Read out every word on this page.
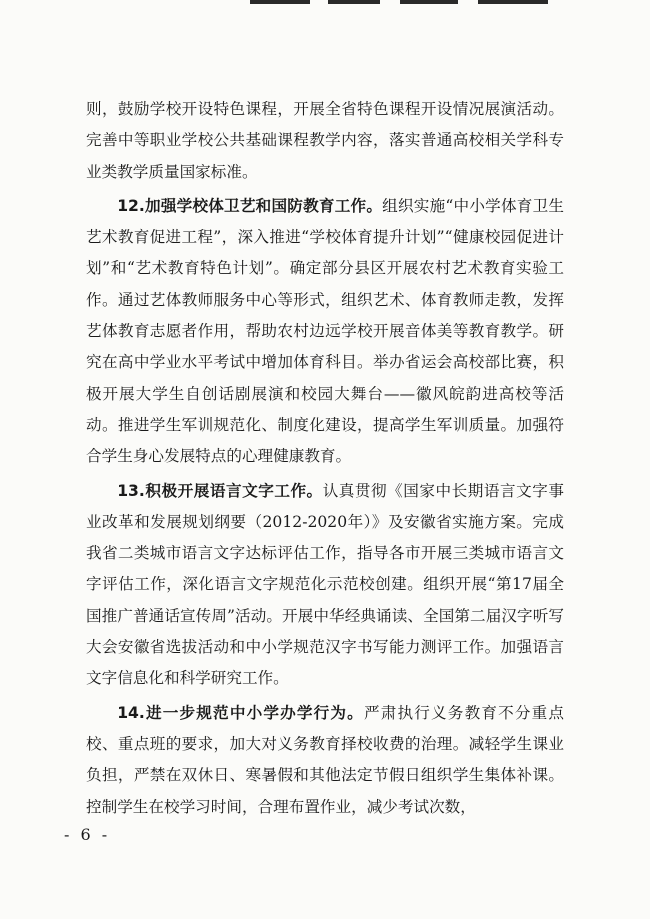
则，鼓励学校开设特色课程，开展全省特色课程开设情况展演活动。完善中等职业学校公共基础课程教学内容，落实普通高校相关学科专业类教学质量国家标准。

12.加强学校体卫艺和国防教育工作。组织实施“中小学体育卫生艺术教育促进工程”，深入推进“学校体育提升计划”“健康校园促进计划”和“艺术教育特色计划”。确定部分县区开展农村艺术教育实验工作。通过艺体教师服务中心等形式，组织艺术、体育教师走教，发挥艺体教育志愿者作用，帮助农村边远学校开展音体美等教育教学。研究在高中学业水平考试中增加体育科目。举办省运会高校部比赛，积极开展大学生自创话剧展演和校园大舞台——徽风皖韵进高校等活动。推进学生军训规范化、制度化建设，提高学生军训质量。加强符合学生身心发展特点的心理健康教育。

13.积极开展语言文字工作。认真贯彻《国家中长期语言文字事业改革和发展规划纲要（2012-2020年）》及安徽省实施方案。完成我省二类城市语言文字达标评估工作，指导各市开展三类城市语言文字评估工作，深化语言文字规范化示范校创建。组织开展“第17届全国推广普通话宣传周”活动。开展中华经典诵读、全国第二届汉字听写大会安徽省选拔活动和中小学规范汉字书写能力测评工作。加强语言文字信息化和科学研究工作。

14.进一步规范中小学办学行为。严肃执行义务教育不分重点校、重点班的要求，加大对义务教育择校收费的治理。减轻学生课业负担，严禁在双休日、寒暑假和其他法定节假日组织学生集体补课。控制学生在校学习时间，合理布置作业，减少考试次数，

- 6 -
